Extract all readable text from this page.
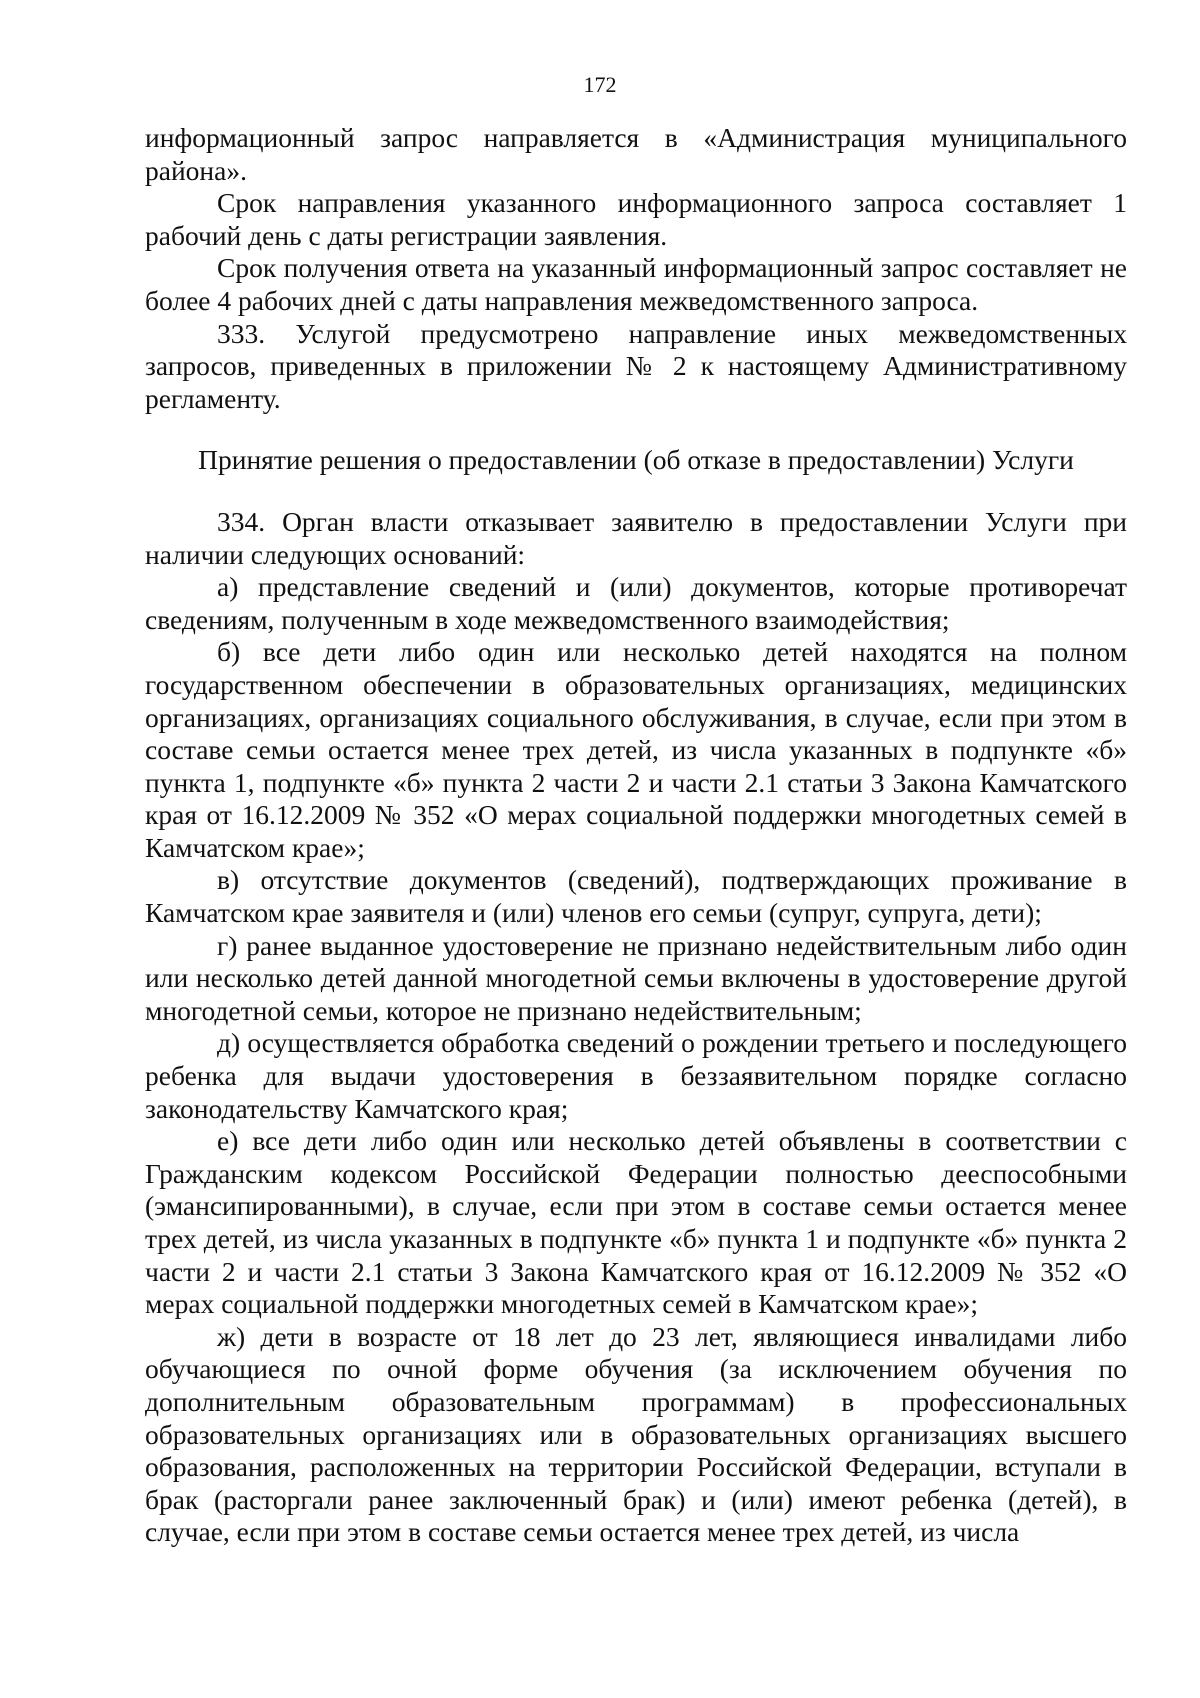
172

информационный запрос направляется в «Администрация муниципального района».

Срок направления указанного информационного запроса составляет 1 рабочий день с даты регистрации заявления.

Срок получения ответа на указанный информационный запрос составляет не более 4 рабочих дней с даты направления межведомственного запроса.

333. Услугой предусмотрено направление иных межведомственных запросов, приведенных в приложении № 2 к настоящему Административному регламенту.

Принятие решения о предоставлении (об отказе в предоставлении) Услуги

334. Орган власти отказывает заявителю в предоставлении Услуги при наличии следующих оснований:

а) представление сведений и (или) документов, которые противоречат сведениям, полученным в ходе межведомственного взаимодействия;

б) все дети либо один или несколько детей находятся на полном государственном обеспечении в образовательных организациях, медицинских организациях, организациях социального обслуживания, в случае, если при этом в составе семьи остается менее трех детей, из числа указанных в подпункте «б» пункта 1, подпункте «б» пункта 2 части 2 и части 2.1 статьи 3 Закона Камчатского края от 16.12.2009 № 352 «О мерах социальной поддержки многодетных семей в Камчатском крае»;

в) отсутствие документов (сведений), подтверждающих проживание в Камчатском крае заявителя и (или) членов его семьи (супруг, супруга, дети);

г) ранее выданное удостоверение не признано недействительным либо один или несколько детей данной многодетной семьи включены в удостоверение другой многодетной семьи, которое не признано недействительным;

д) осуществляется обработка сведений о рождении третьего и последующего ребенка для выдачи удостоверения в беззаявительном порядке согласно законодательству Камчатского края;

е) все дети либо один или несколько детей объявлены в соответствии с Гражданским кодексом Российской Федерации полностью дееспособными (эмансипированными), в случае, если при этом в составе семьи остается менее трех детей, из числа указанных в подпункте «б» пункта 1 и подпункте «б» пункта 2 части 2 и части 2.1 статьи 3 Закона Камчатского края от 16.12.2009 № 352 «О мерах социальной поддержки многодетных семей в Камчатском крае»;

ж) дети в возрасте от 18 лет до 23 лет, являющиеся инвалидами либо обучающиеся по очной форме обучения (за исключением обучения по дополнительным образовательным программам) в профессиональных образовательных организациях или в образовательных организациях высшего образования, расположенных на территории Российской Федерации, вступали в брак (расторгали ранее заключенный брак) и (или) имеют ребенка (детей), в случае, если при этом в составе семьи остается менее трех детей, из числа
